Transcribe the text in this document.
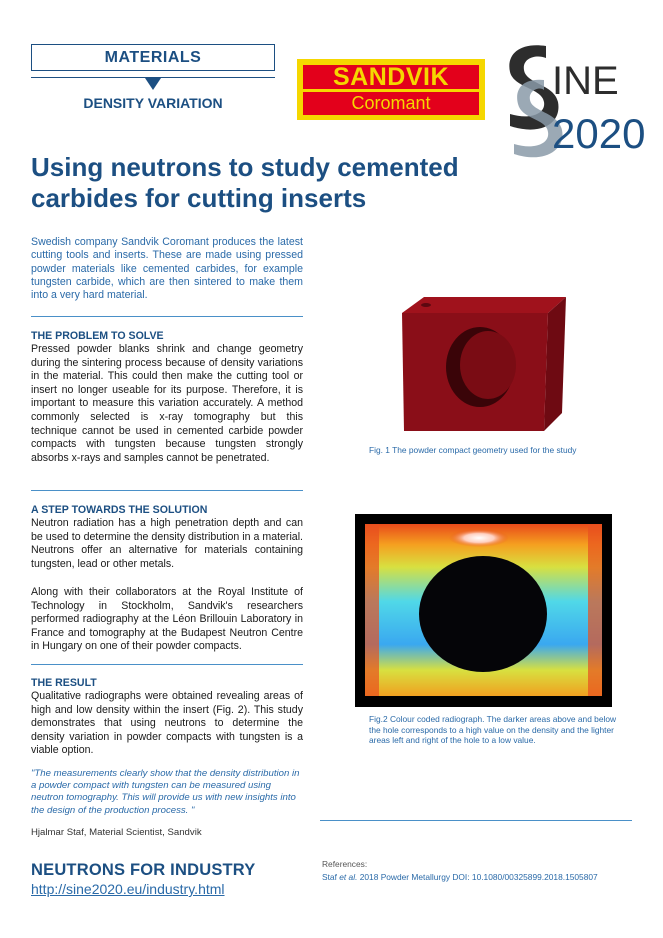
MATERIALS
DENSITY VARIATION
SANDVIK
Coromant	INE
2020
Using neutrons to study cemented carbides for cutting inserts
Swedish company Sandvik Coromant produces the latest cutting tools and inserts. These are made using pressed powder materials like cemented carbides, for example tungsten carbide, which are then sintered to make them into a very hard material.
THE PROBLEM TO SOLVE
Pressed powder blanks shrink and change geometry during the sintering process because of density variations in the material. This could then make the cutting tool or insert no longer useable for its purpose. Therefore, it is important to measure this variation accurately. A method commonly selected is x-ray tomography but this technique cannot be used in cemented carbide powder compacts with tungsten because tungsten strongly absorbs x-rays and samples cannot be penetrated.
A STEP TOWARDS THE SOLUTION
Neutron radiation has a high penetration depth and can be used to determine the density distribution in a material. Neutrons offer an alternative for materials containing tungsten, lead or other metals.
Along with their collaborators at the Royal Institute of Technology in Stockholm, Sandvik's researchers performed radiography at the Léon Brillouin Laboratory in France and tomography at the Budapest Neutron Centre in Hungary on one of their powder compacts.
THE RESULT
Qualitative radiographs were obtained revealing areas of high and low density within the insert (Fig. 2). This study demonstrates that using neutrons to determine the density variation in powder compacts with tungsten is a viable option.
"The measurements clearly show that the density distribution in a powder compact with tungsten can be measured using neutron tomography. This will provide us with new insights into the design of the production process. "
Hjalmar Staf, Material Scientist, Sandvik
Fig. 1 The powder compact geometry used for the study
Fig.2 Colour coded radiograph. The darker areas above and below the hole corresponds to a high value on the density and the lighter areas left and right of the hole to a low value.
NEUTRONS FOR INDUSTRY
http://sine2020.eu/industry.html
References:
Staf et al. 2018 Powder Metallurgy DOI: 10.1080/00325899.2018.1505807
